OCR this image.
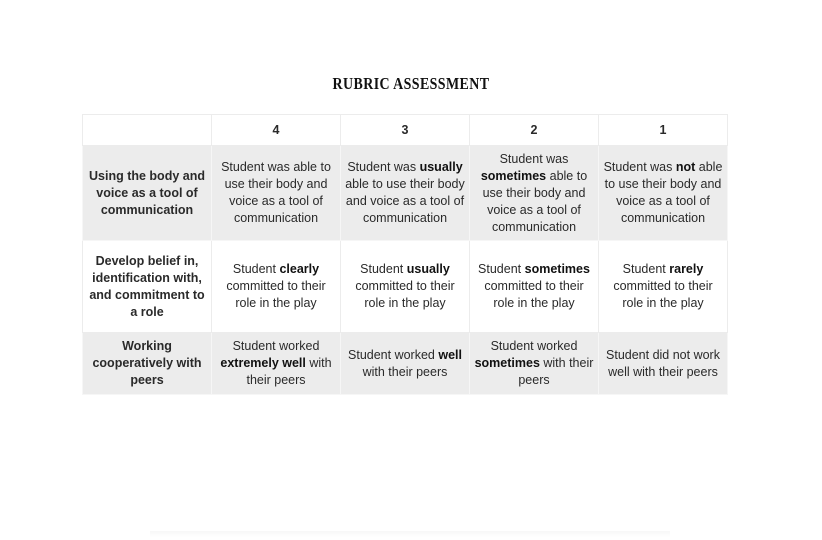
RUBRIC ASSESSMENT
	4	3	2	1
Using the body and voice as a tool of communication	Student was able to use their body and voice as a tool of communication	Student was usually able to use their body and voice as a tool of communication	Student was sometimes able to use their body and voice as a tool of communication	Student was not able to use their body and voice as a tool of communication
Develop belief in, identification with, and commitment to a role	Student clearly committed to their role in the play	Student usually committed to their role in the play	Student sometimes committed to their role in the play	Student rarely committed to their role in the play
Working cooperatively with peers	Student worked extremely well with their peers	Student worked well with their peers	Student worked sometimes with their peers	Student did not work well with their peers
